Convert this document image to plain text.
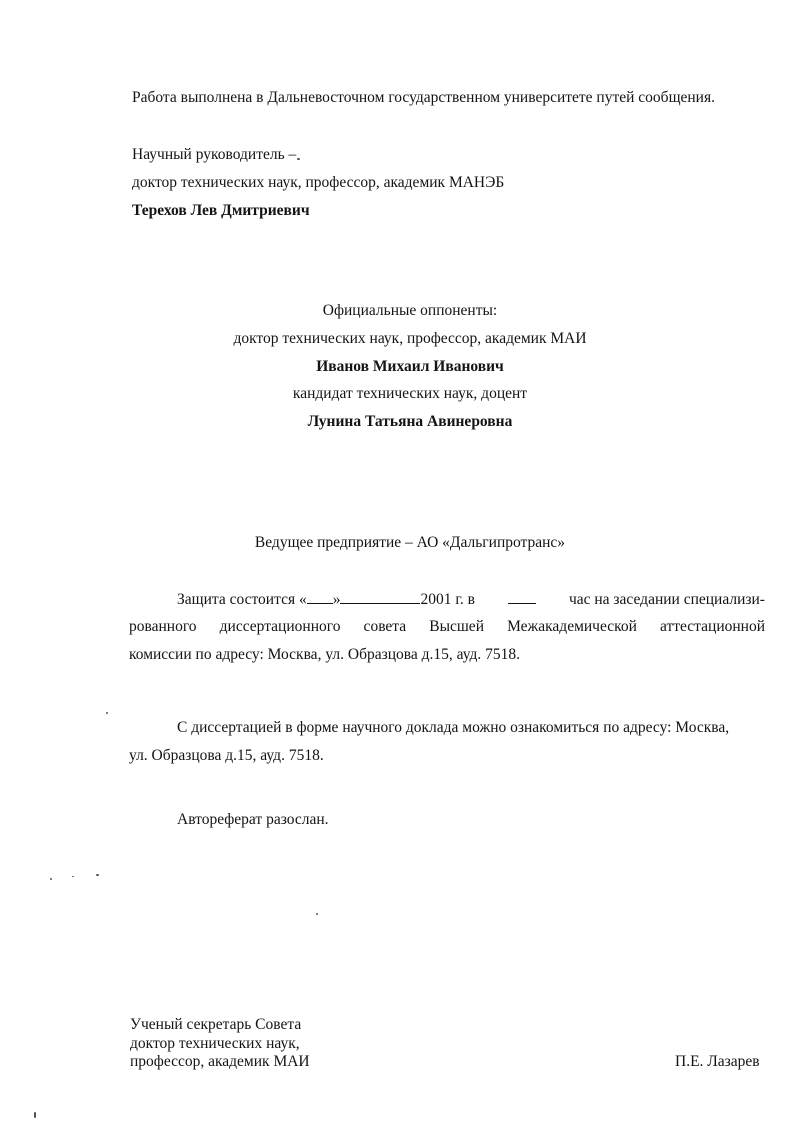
Работа выполнена в Дальневосточном государственном университете путей сообщения.
Научный руководитель –
доктор технических наук, профессор, академик МАНЭБ
Терехов Лев Дмитриевич
Официальные оппоненты:
доктор технических наук, профессор, академик МАИ
Иванов Михаил Иванович
кандидат технических наук, доцент
Лунина Татьяна Авинеровна
Ведущее предприятие – АО «Дальгипротранс»
Защита состоится « »	2001 г. в	час на заседании специализи-
рованного диссертационного совета Высшей Межакадемической аттестационной
комиссии по адресу: Москва, ул. Образцова д.15, ауд. 7518.
С диссертацией в форме научного доклада можно ознакомиться по адресу: Москва,
ул. Образцова д.15, ауд. 7518.
Автореферат разослан.
Ученый секретарь Совета
доктор технических наук,
профессор, академик МАИ	П.Е. Лазарев
